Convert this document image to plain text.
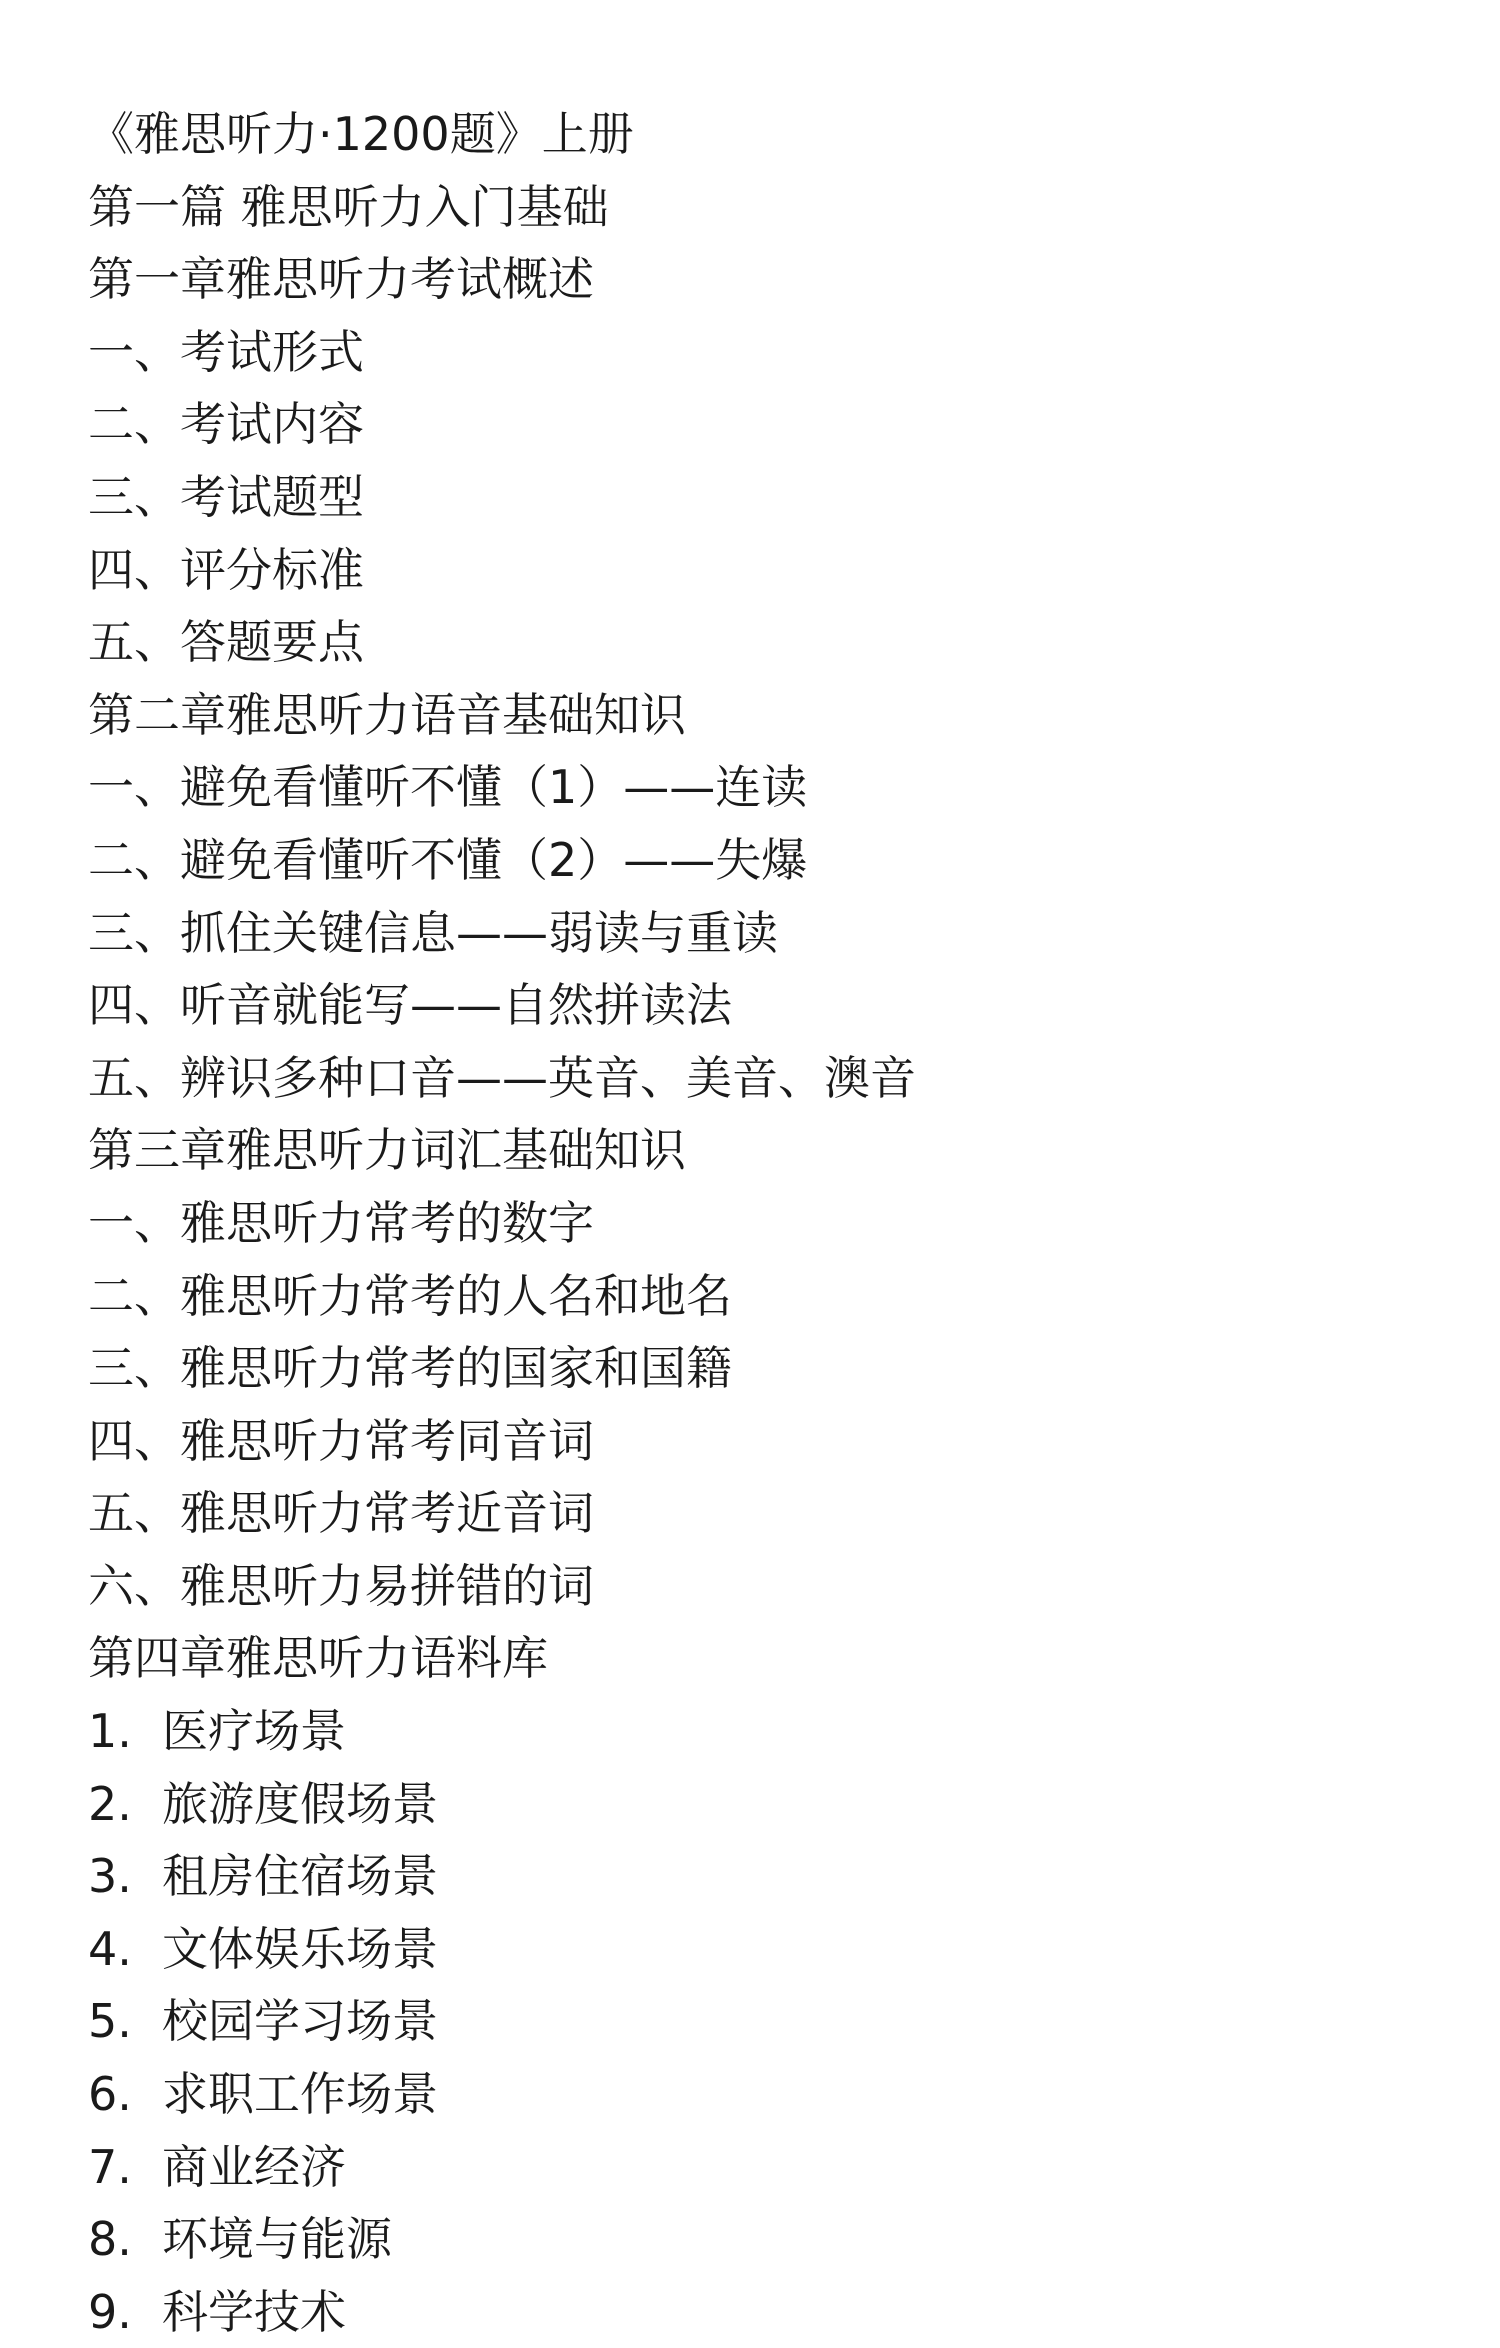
《雅思听力·1200题》上册

第一篇 雅思听力入门基础

第一章雅思听力考试概述

一、考试形式

二、考试内容

三、考试题型

四、评分标准

五、答题要点

第二章雅思听力语音基础知识

一、避免看懂听不懂（1）——连读

二、避免看懂听不懂（2）——失爆

三、抓住关键信息——弱读与重读

四、听音就能写——自然拼读法

五、辨识多种口音——英音、美音、澳音

第三章雅思听力词汇基础知识

一、雅思听力常考的数字

二、雅思听力常考的人名和地名

三、雅思听力常考的国家和国籍

四、雅思听力常考同音词

五、雅思听力常考近音词

六、雅思听力易拼错的词

第四章雅思听力语料库

1. 医疗场景

2. 旅游度假场景

3. 租房住宿场景

4. 文体娱乐场景

5. 校园学习场景

6. 求职工作场景

7. 商业经济

8. 环境与能源

9. 科学技术
